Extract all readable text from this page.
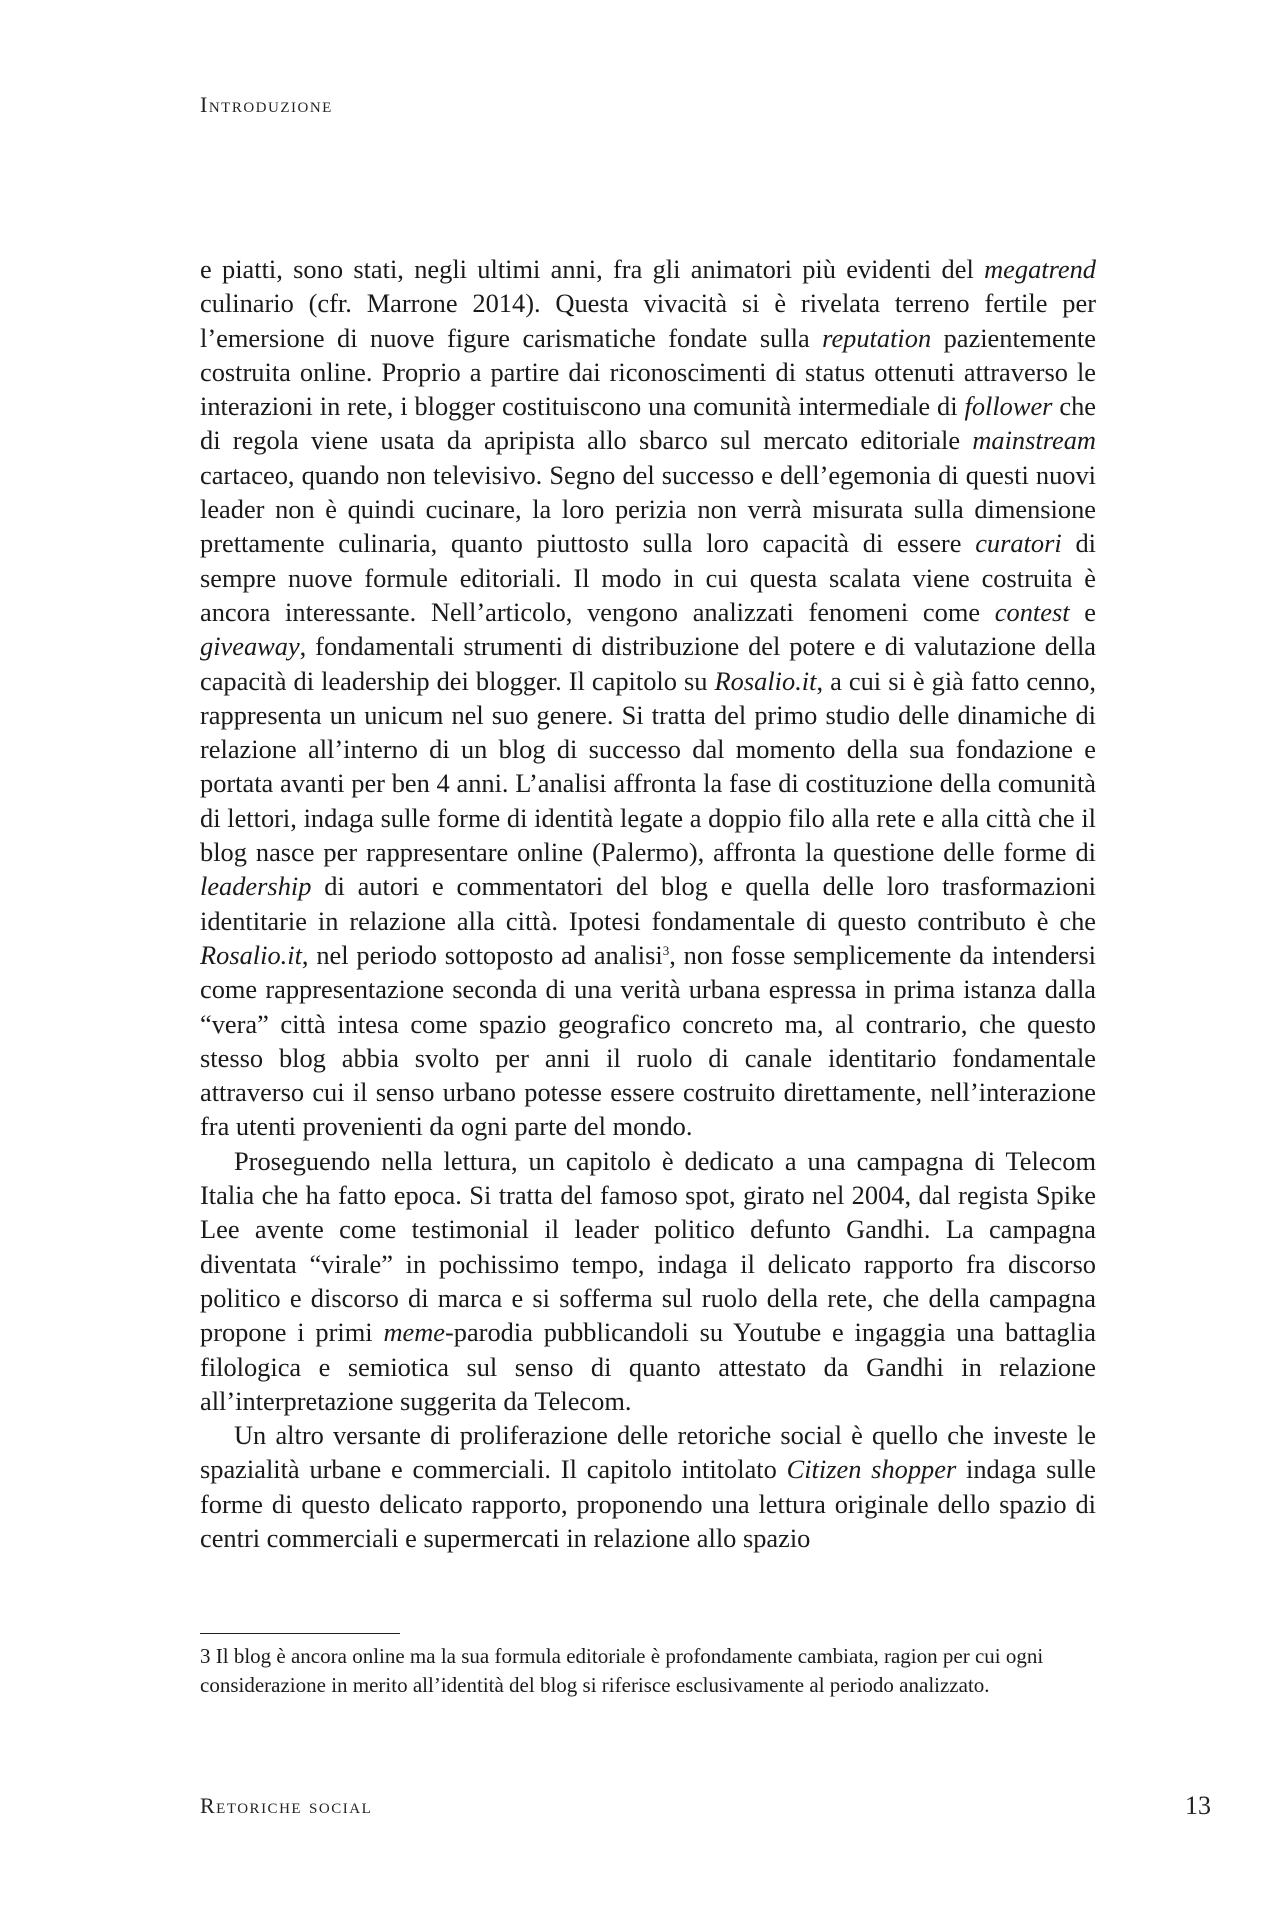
Introduzione

e piatti, sono stati, negli ultimi anni, fra gli animatori più evidenti del megatrend culinario (cfr. Marrone 2014). Questa vivacità si è rivelata terreno fertile per l’emersione di nuove figure carismatiche fondate sulla reputation pazientemente costruita online. Proprio a partire dai riconoscimenti di status ottenuti attraverso le interazioni in rete, i blogger costituiscono una comunità intermediale di follower che di regola viene usata da apripista allo sbarco sul mercato editoriale mainstream cartaceo, quando non televisivo. Segno del successo e dell’egemonia di questi nuovi leader non è quindi cucinare, la loro perizia non verrà misurata sulla dimensione prettamente culinaria, quanto piuttosto sulla loro capacità di essere curatori di sempre nuove formule editoriali. Il modo in cui questa scalata viene costruita è ancora interessante. Nell’articolo, vengono analizzati fenomeni come contest e giveaway, fondamentali strumenti di distribuzione del potere e di valutazione della capacità di leadership dei blogger. Il capitolo su Rosalio.it, a cui si è già fatto cenno, rappresenta un unicum nel suo genere. Si tratta del primo studio delle dinamiche di relazione all’interno di un blog di successo dal momento della sua fondazione e portata avanti per ben 4 anni. L’analisi affronta la fase di costituzione della comunità di lettori, indaga sulle forme di identità legate a doppio filo alla rete e alla città che il blog nasce per rappresentare online (Palermo), affronta la questione delle forme di leadership di autori e commentatori del blog e quella delle loro trasformazioni identitarie in relazione alla città. Ipotesi fondamentale di questo contributo è che Rosalio.it, nel periodo sottoposto ad analisi$^3$, non fosse semplicemente da intendersi come rappresentazione seconda di una verità urbana espressa in prima istanza dalla “vera” città intesa come spazio geografico concreto ma, al contrario, che questo stesso blog abbia svolto per anni il ruolo di canale identitario fondamentale attraverso cui il senso urbano potesse essere costruito direttamente, nell’interazione fra utenti provenienti da ogni parte del mondo.

Proseguendo nella lettura, un capitolo è dedicato a una campagna di Telecom Italia che ha fatto epoca. Si tratta del famoso spot, girato nel 2004, dal regista Spike Lee avente come testimonial il leader politico defunto Gandhi. La campagna diventata “virale” in pochissimo tempo, indaga il delicato rapporto fra discorso politico e discorso di marca e si sofferma sul ruolo della rete, che della campagna propone i primi meme-parodia pubblicandoli su Youtube e ingaggia una battaglia filologica e semiotica sul senso di quanto attestato da Gandhi in relazione all’interpretazione suggerita da Telecom.

Un altro versante di proliferazione delle retoriche social è quello che investe le spazialità urbane e commerciali. Il capitolo intitolato Citizen shopper indaga sulle forme di questo delicato rapporto, proponendo una lettura originale dello spazio di centri commerciali e supermercati in relazione allo spazio

3 Il blog è ancora online ma la sua formula editoriale è profondamente cambiata, ragion per cui ogni considerazione in merito all’identità del blog si riferisce esclusivamente al periodo analizzato.
Retoriche social	13
